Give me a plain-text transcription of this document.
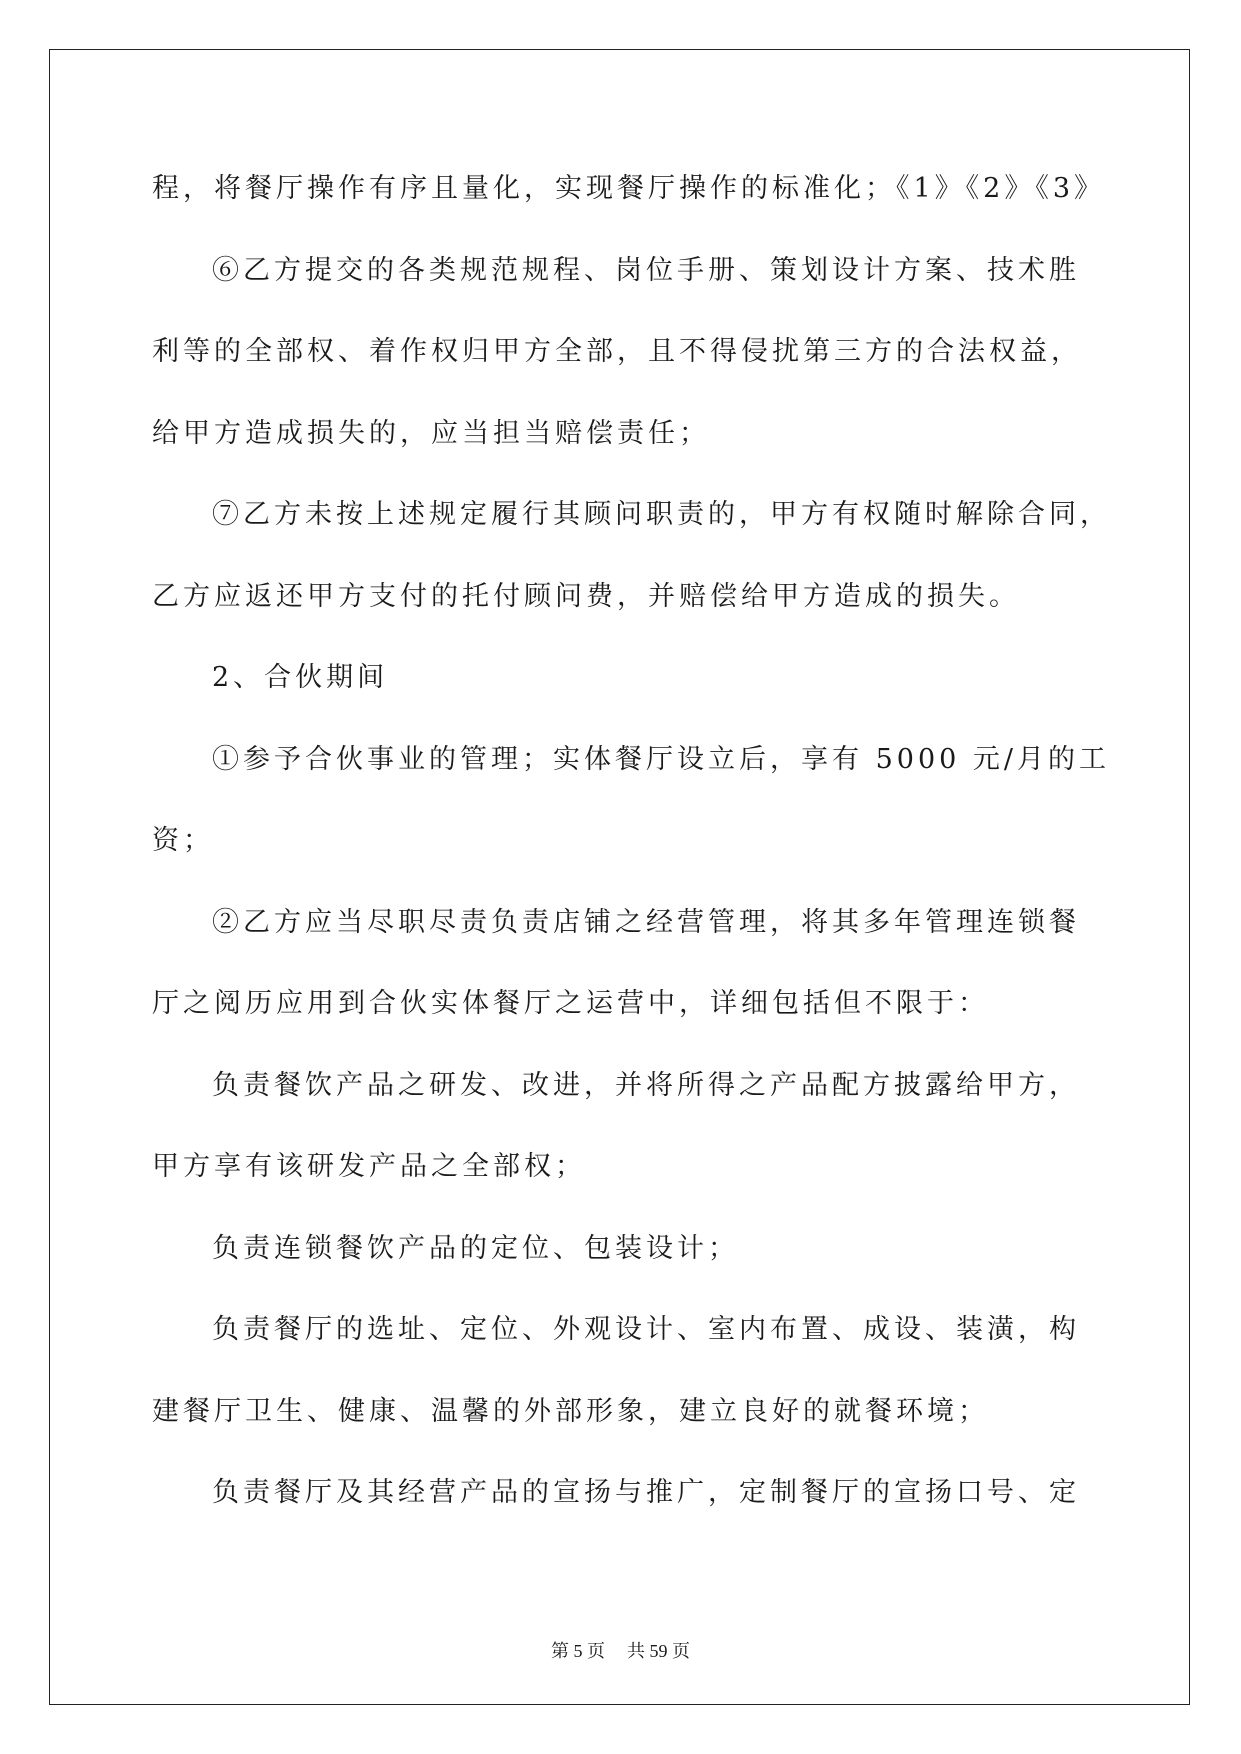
程，将餐厅操作有序且量化，实现餐厅操作的标准化；《1》《2》《3》
⑥乙方提交的各类规范规程、岗位手册、策划设计方案、技术胜
利等的全部权、着作权归甲方全部，且不得侵扰第三方的合法权益，
给甲方造成损失的，应当担当赔偿责任；
⑦乙方未按上述规定履行其顾问职责的，甲方有权随时解除合同，
乙方应返还甲方支付的托付顾问费，并赔偿给甲方造成的损失。
2、合伙期间
①参予合伙事业的管理；实体餐厅设立后，享有 5000 元/月的工
资；
②乙方应当尽职尽责负责店铺之经营管理，将其多年管理连锁餐
厅之阅历应用到合伙实体餐厅之运营中，详细包括但不限于：
负责餐饮产品之研发、改进，并将所得之产品配方披露给甲方，
甲方享有该研发产品之全部权；
负责连锁餐饮产品的定位、包装设计；
负责餐厅的选址、定位、外观设计、室内布置、成设、装潢，构
建餐厅卫生、健康、温馨的外部形象，建立良好的就餐环境；
负责餐厅及其经营产品的宣扬与推广，定制餐厅的宣扬口号、定
第 5 页 共 59 页
